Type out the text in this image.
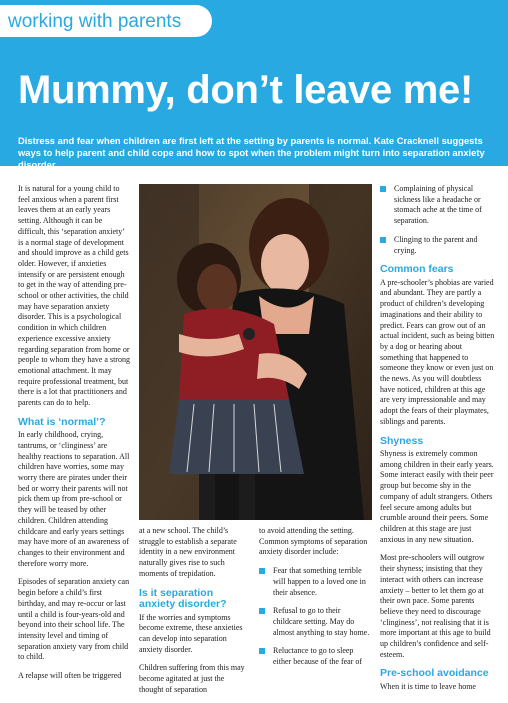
working with parents
Mummy, don’t leave me!
Distress and fear when children are first left at the setting by parents is normal. Kate Cracknell suggests ways to help parent and child cope and how to spot when the problem might turn into separation anxiety disorder.

It is natural for a young child to feel anxious when a parent first leaves them at an early years setting. Although it can be difficult, this ‘separation anxiety’ is a normal stage of development and should improve as a child gets older. However, if anxieties intensify or are persistent enough to get in the way of attending pre-school or other activities, the child may have separation anxiety disorder. This is a psychological condition in which children experience excessive anxiety regarding separation from home or people to whom they have a strong emotional attachment. It may require professional treatment, but there is a lot that practitioners and parents can do to help.

What is ‘normal’?

In early childhood, crying, tantrums, or ‘clinginess’ are healthy reactions to separation. All children have worries, some may worry there are pirates under their bed or worry their parents will not pick them up from pre-school or they will be teased by other children. Children attending childcare and early years settings may have more of an awareness of changes to their environment and therefore worry more.

Episodes of separation anxiety can begin before a child’s first birthday, and may re-occur or last until a child is four-years-old and beyond into their school life. The intensity level and timing of separation anxiety vary from child to child.

A relapse will often be triggered

at a new school. The child’s struggle to establish a separate identity in a new environment naturally gives rise to such moments of trepidation.

Is it separation anxiety disorder?

If the worries and symptoms become extreme, these anxieties can develop into separation anxiety disorder.

Children suffering from this may become agitated at just the thought of separation

to avoid attending the setting. Common symptoms of separation anxiety disorder include:

Fear that something terrible will happen to a loved one in their absence.
Refusal to go to their childcare setting. May do almost anything to stay home.
Reluctance to go to sleep either because of the fear of
Complaining of physical sickness like a headache or stomach ache at the time of separation.
Clinging to the parent and crying.
Common fears

A pre-schooler’s phobias are varied and abundant. They are partly a product of children’s developing imaginations and their ability to predict. Fears can grow out of an actual incident, such as being bitten by a dog or hearing about something that happened to someone they know or even just on the news. As you will doubtless have noticed, children at this age are very impressionable and may adopt the fears of their playmates, siblings and parents.

Shyness

Shyness is extremely common among children in their early years. Some interact easily with their peer group but become shy in the company of adult strangers. Others feel secure among adults but crumble around their peers. Some children at this stage are just anxious in any new situation.

Most pre-schoolers will outgrow their shyness; insisting that they interact with others can increase anxiety – better to let them go at their own pace. Some parents believe they need to discourage ‘clinginess’, not realising that it is more important at this age to build up children’s confidence and self-esteem.

Pre-school avoidance

When it is time to leave home
